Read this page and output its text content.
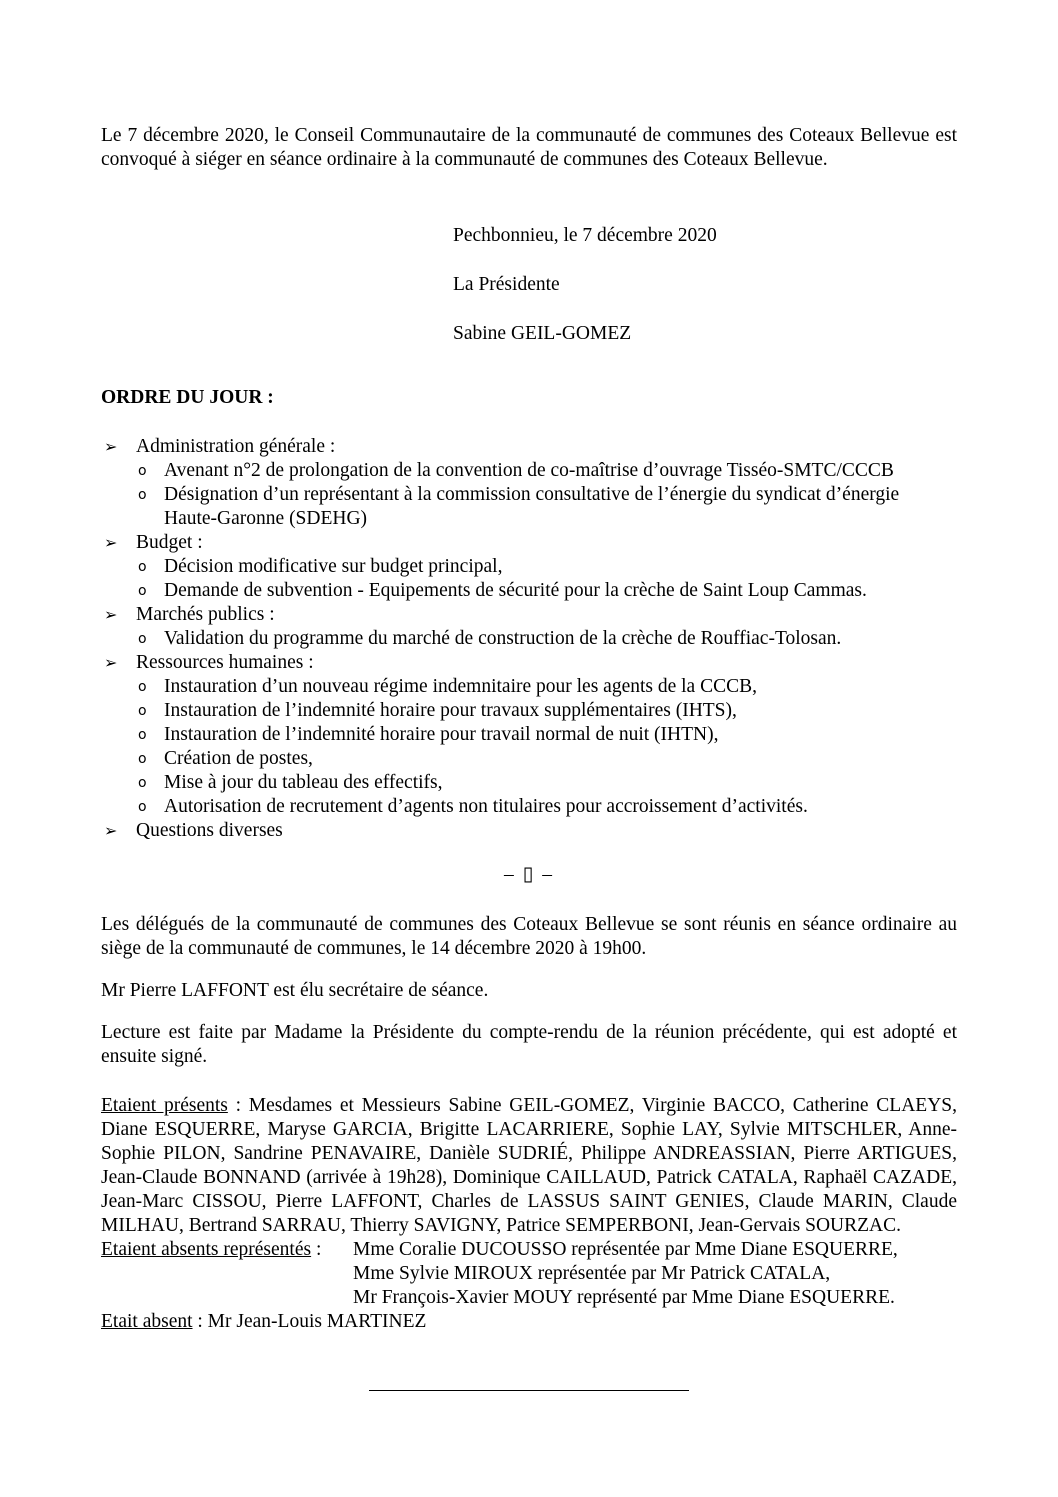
Le 7 décembre 2020, le Conseil Communautaire de la communauté de communes des Coteaux Bellevue est convoqué à siéger en séance ordinaire à la communauté de communes des Coteaux Bellevue.

Pechbonnieu, le 7 décembre 2020

La Présidente

Sabine GEIL-GOMEZ

ORDRE DU JOUR :

➢ Administration générale :
o Avenant n°2 de prolongation de la convention de co-maîtrise d’ouvrage Tisséo-SMTC/CCCB
o Désignation d’un représentant à la commission consultative de l’énergie du syndicat d’énergie Haute-Garonne (SDEHG)
➢ Budget :
o Décision modificative sur budget principal,
o Demande de subvention - Equipements de sécurité pour la crèche de Saint Loup Cammas.
➢ Marchés publics :
o Validation du programme du marché de construction de la crèche de Rouffiac-Tolosan.
➢ Ressources humaines :
o Instauration d’un nouveau régime indemnitaire pour les agents de la CCCB,
o Instauration de l’indemnité horaire pour travaux supplémentaires (IHTS),
o Instauration de l’indemnité horaire pour travail normal de nuit (IHTN),
o Création de postes,
o Mise à jour du tableau des effectifs,
o Autorisation de recrutement d’agents non titulaires pour accroissement d’activités.
➢ Questions diverses

– ▯ –

Les délégués de la communauté de communes des Coteaux Bellevue se sont réunis en séance ordinaire au siège de la communauté de communes, le 14 décembre 2020 à 19h00.

Mr Pierre LAFFONT est élu secrétaire de séance.

Lecture est faite par Madame la Présidente du compte-rendu de la réunion précédente, qui est adopté et ensuite signé.

Etaient présents : Mesdames et Messieurs Sabine GEIL-GOMEZ, Virginie BACCO, Catherine CLAEYS, Diane ESQUERRE, Maryse GARCIA, Brigitte LACARRIERE, Sophie LAY, Sylvie MITSCHLER, Anne-Sophie PILON, Sandrine PENAVAIRE, Danièle SUDRIÉ, Philippe ANDREASSIAN, Pierre ARTIGUES, Jean-Claude BONNAND (arrivée à 19h28), Dominique CAILLAUD, Patrick CATALA, Raphaël CAZADE, Jean-Marc CISSOU, Pierre LAFFONT, Charles de LASSUS SAINT GENIES, Claude MARIN, Claude MILHAU, Bertrand SARRAU, Thierry SAVIGNY, Patrice SEMPERBONI, Jean-Gervais SOURZAC.

Etaient absents représentés :	Mme Coralie DUCOUSSO représentée par Mme Diane ESQUERRE,

Mme Sylvie MIROUX représentée par Mr Patrick CATALA,

Mr François-Xavier MOUY représenté par Mme Diane ESQUERRE.

Etait absent : Mr Jean-Louis MARTINEZ
